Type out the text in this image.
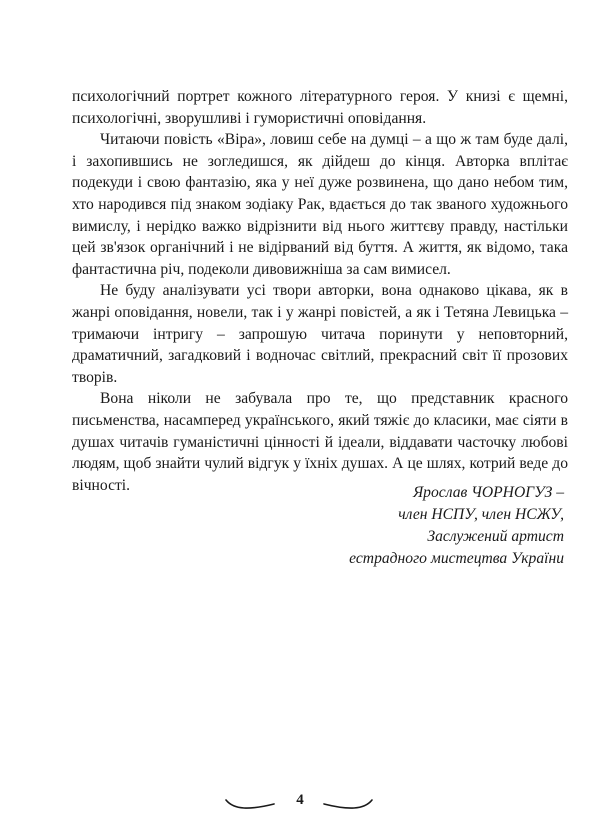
психологічний портрет кожного літературного героя. У книзі є щемні, психологічні, зворушливі і гумористичні оповідання.

Читаючи повість «Віра», ловиш себе на думці – а що ж там буде далі, і захопившись не зогледишся, як дійдеш до кінця. Авторка вплітає подекуди і свою фантазію, яка у неї дуже розвинена, що дано небом тим, хто народився під знаком зодіаку Рак, вдається до так званого художнього вимислу, і нерідко важко відрізнити від нього життєву правду, настільки цей зв'язок органічний і не відірваний від буття. А життя, як відомо, така фантастична річ, подеколи дивовижніша за сам вимисел.

Не буду аналізувати усі твори авторки, вона однаково цікава, як в жанрі оповідання, новели, так і у жанрі повістей, а як і Тетяна Левицька – тримаючи інтригу – запрошую читача поринути у неповторний, драматичний, загадковий і водночас світлий, прекрасний світ її прозових творів.

Вона ніколи не забувала про те, що представник красного письменства, насамперед українського, який тяжіє до класики, має сіяти в душах читачів гуманістичні цінності й ідеали, віддавати часточку любові людям, щоб знайти чулий відгук у їхніх душах. А це шлях, котрий веде до вічності.	Ярослав ЧОРНОГУЗ –
член НСПУ, член НСЖУ,
Заслужений артист
естрадного мистецтва України
4
